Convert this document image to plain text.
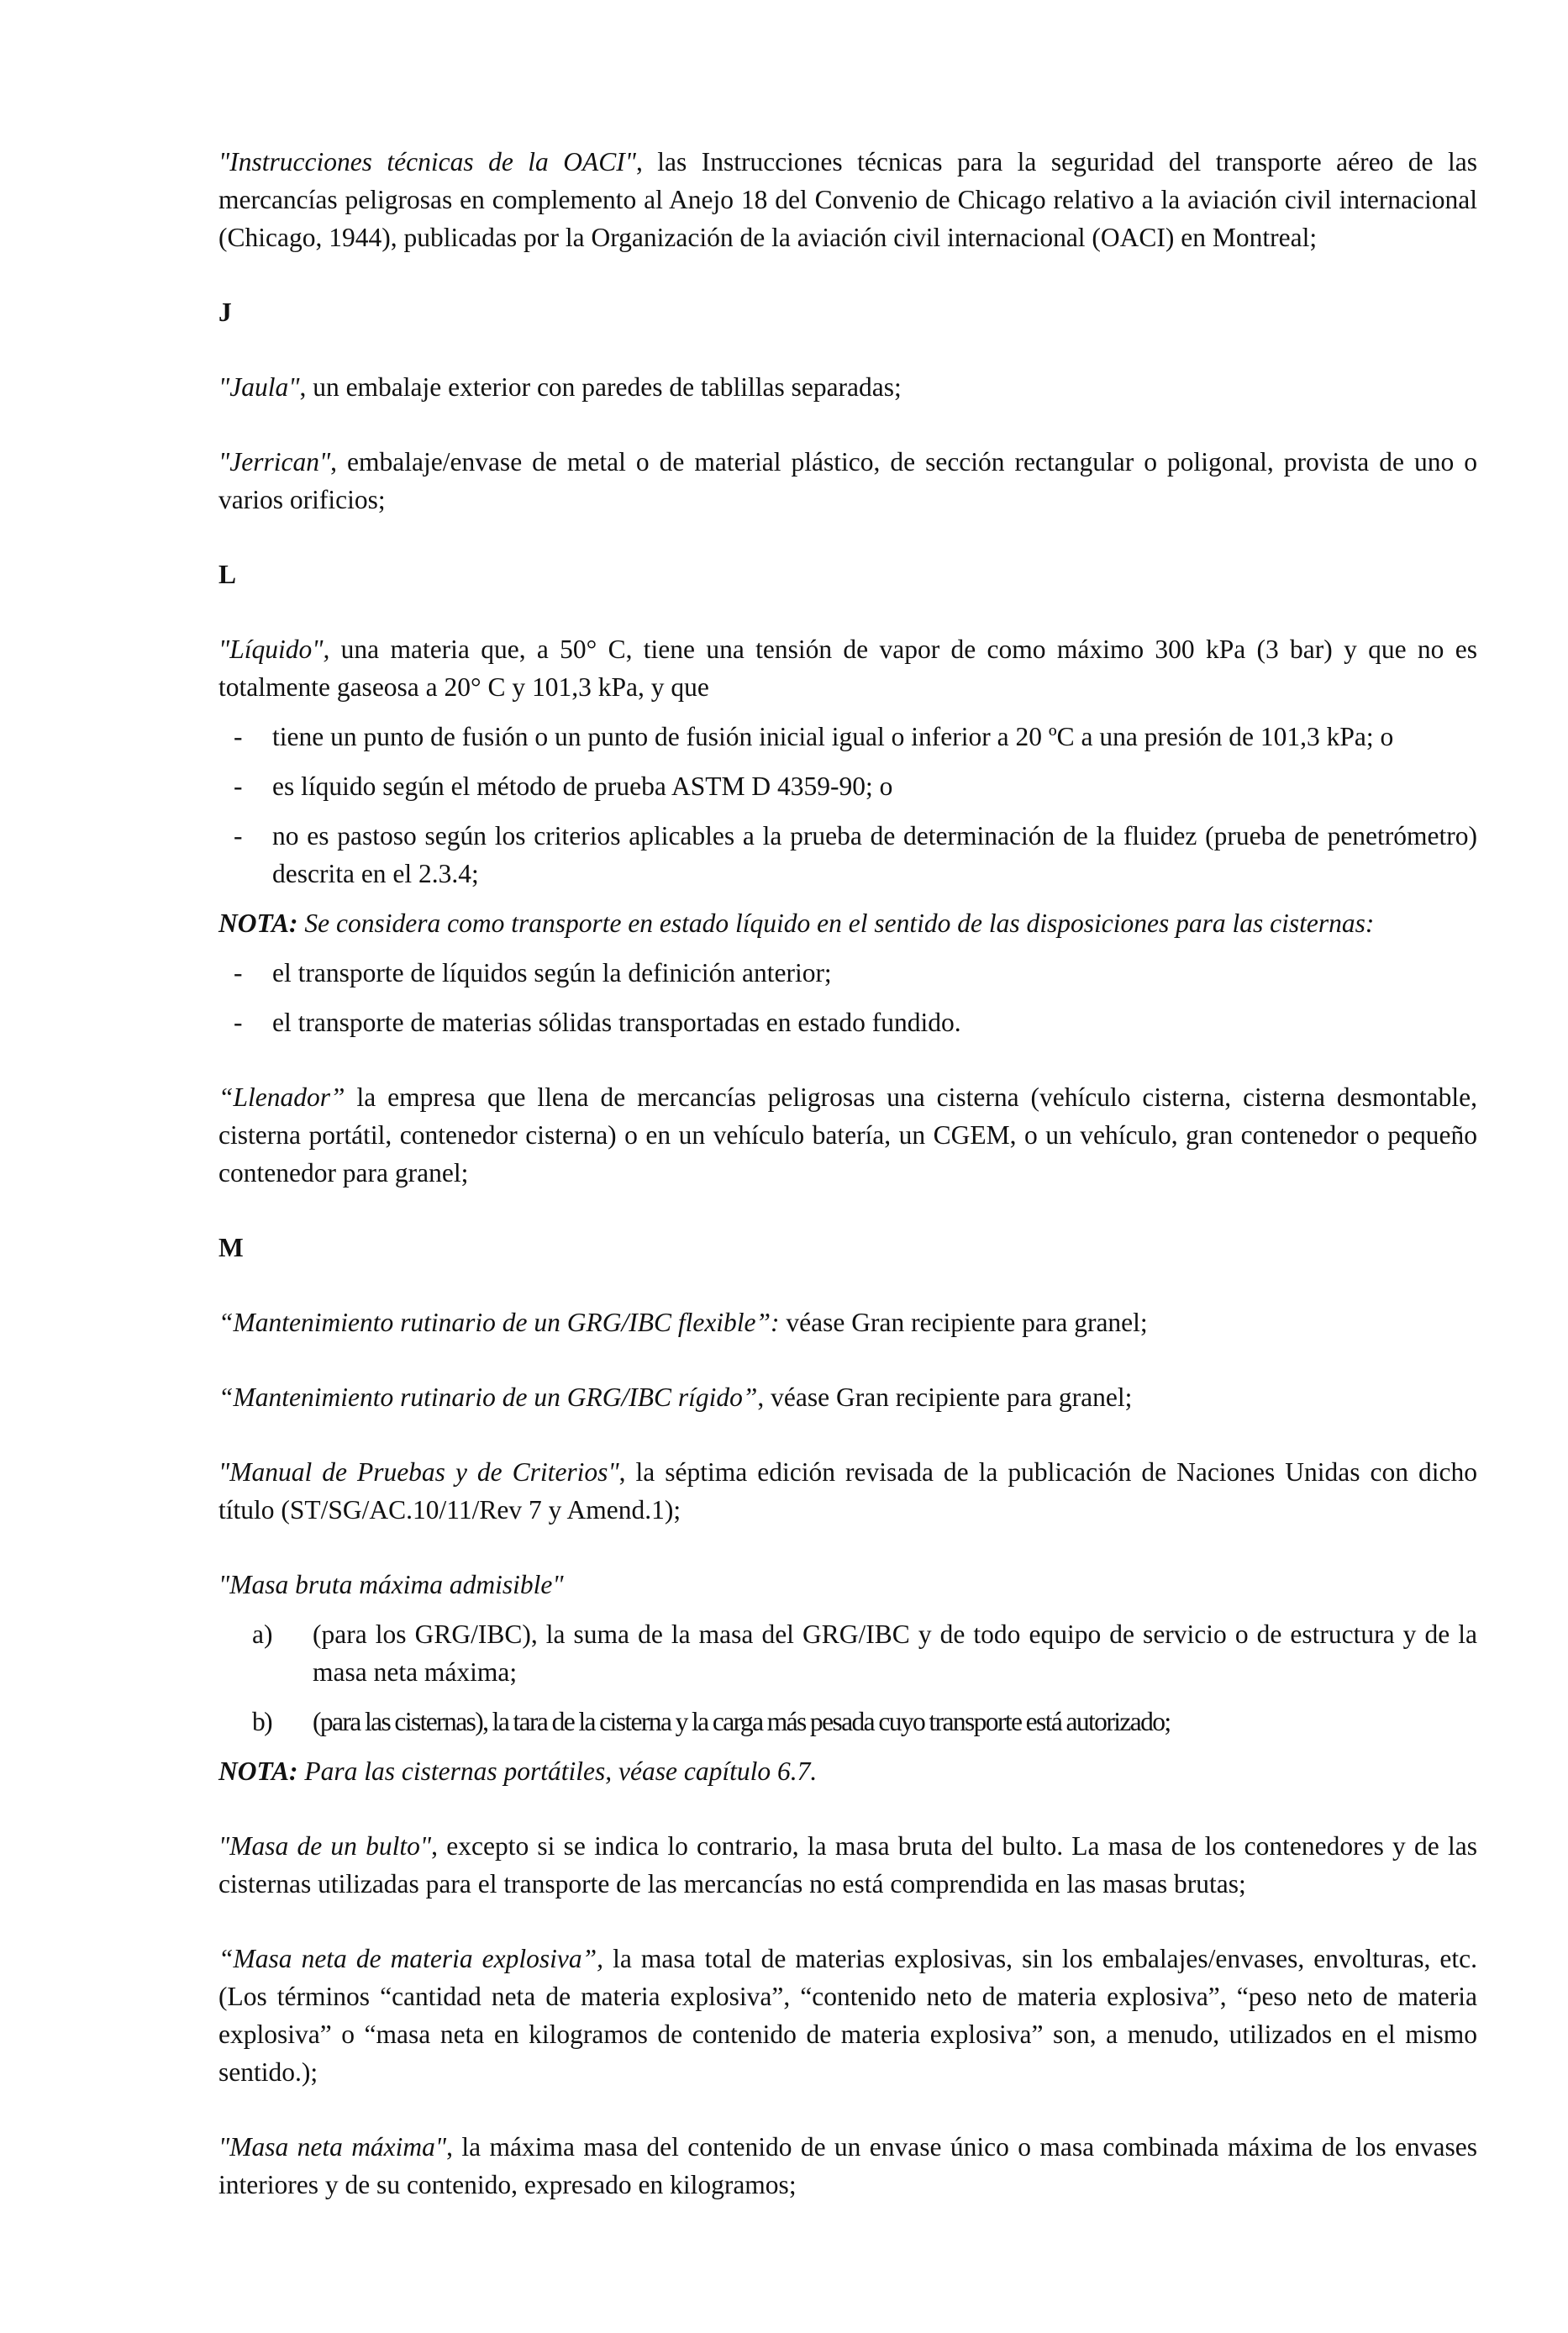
"Instrucciones técnicas de la OACI", las Instrucciones técnicas para la seguridad del transporte aéreo de las mercancías peligrosas en complemento al Anejo 18 del Convenio de Chicago relativo a la aviación civil internacional (Chicago, 1944), publicadas por la Organización de la aviación civil internacional (OACI) en Montreal;

J

"Jaula", un embalaje exterior con paredes de tablillas separadas;

"Jerrican", embalaje/envase de metal o de material plástico, de sección rectangular o poligonal, provista de uno o varios orificios;

L

"Líquido", una materia que, a 50° C, tiene una tensión de vapor de como máximo 300 kPa (3 bar) y que no es totalmente gaseosa a 20° C y 101,3 kPa, y que

- tiene un punto de fusión o un punto de fusión inicial igual o inferior a 20 ºC a una presión de 101,3 kPa; o
- es líquido según el método de prueba ASTM D 4359-90; o
- no es pastoso según los criterios aplicables a la prueba de determinación de la fluidez (prueba de penetrómetro) descrita en el 2.3.4;

NOTA: Se considera como transporte en estado líquido en el sentido de las disposiciones para las cisternas:

- el transporte de líquidos según la definición anterior;
- el transporte de materias sólidas transportadas en estado fundido.

“Llenador” la empresa que llena de mercancías peligrosas una cisterna (vehículo cisterna, cisterna desmontable, cisterna portátil, contenedor cisterna) o en un vehículo batería, un CGEM, o un vehículo, gran contenedor o pequeño contenedor para granel;

M

“Mantenimiento rutinario de un GRG/IBC flexible”: véase Gran recipiente para granel;

“Mantenimiento rutinario de un GRG/IBC rígido”, véase Gran recipiente para granel;

"Manual de Pruebas y de Criterios", la séptima edición revisada de la publicación de Naciones Unidas con dicho título (ST/SG/AC.10/11/Rev 7 y Amend.1);

"Masa bruta máxima admisible"

a) (para los GRG/IBC), la suma de la masa del GRG/IBC y de todo equipo de servicio o de estructura y de la masa neta máxima;
b) (para las cisternas), la tara de la cisterna y la carga más pesada cuyo transporte está autorizado;

NOTA: Para las cisternas portátiles, véase capítulo 6.7.

"Masa de un bulto", excepto si se indica lo contrario, la masa bruta del bulto. La masa de los contenedores y de las cisternas utilizadas para el transporte de las mercancías no está comprendida en las masas brutas;

“Masa neta de materia explosiva”, la masa total de materias explosivas, sin los embalajes/envases, envolturas, etc. (Los términos “cantidad neta de materia explosiva”, “contenido neto de materia explosiva”, “peso neto de materia explosiva” o “masa neta en kilogramos de contenido de materia explosiva” son, a menudo, utilizados en el mismo sentido.);

"Masa neta máxima", la máxima masa del contenido de un envase único o masa combinada máxima de los envases interiores y de su contenido, expresado en kilogramos;
